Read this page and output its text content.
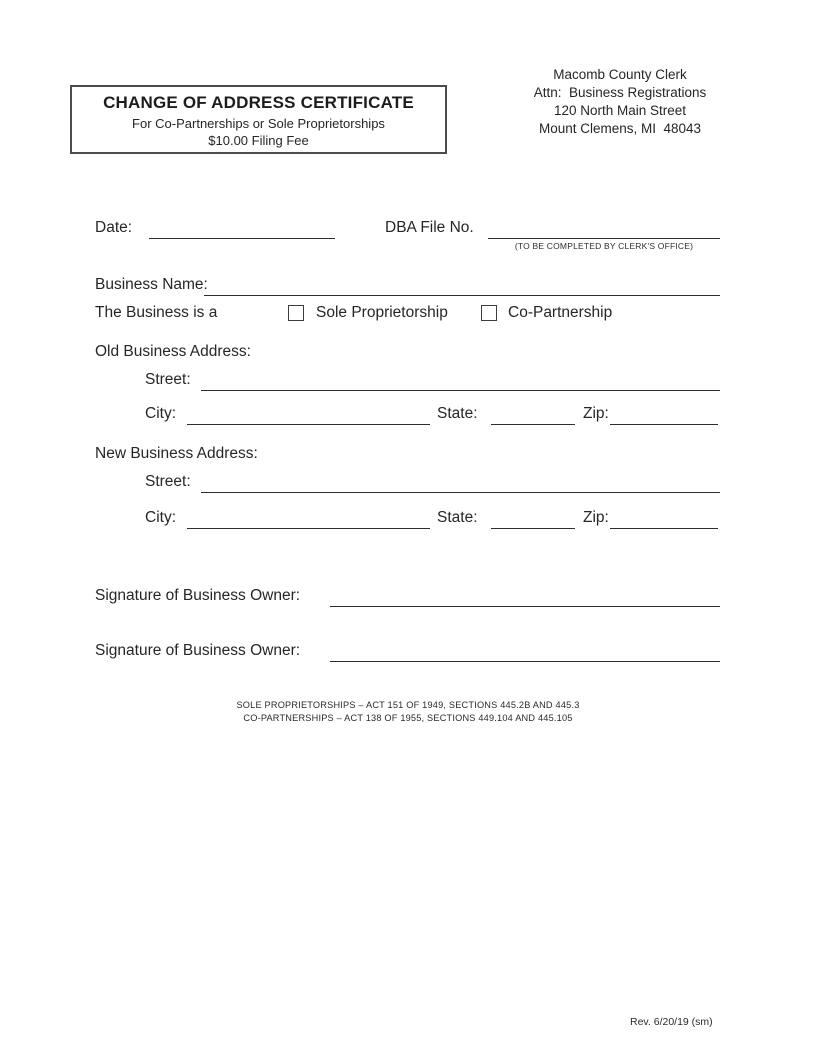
CHANGE OF ADDRESS CERTIFICATE
For Co-Partnerships or Sole Proprietorships
$10.00 Filing Fee
Macomb County Clerk
Attn:  Business Registrations
120 North Main Street
Mount Clemens, MI  48043
Date:	DBA File No.
(TO BE COMPLETED BY CLERK'S OFFICE)
Business Name:
The Business is a	Sole Proprietorship	Co-Partnership
Old Business Address:
Street:
City:	State:	Zip:
New Business Address:
Street:
City:	State:	Zip:
Signature of Business Owner:
Signature of Business Owner:
SOLE PROPRIETORSHIPS – ACT 151 OF 1949, SECTIONS 445.2B AND 445.3
CO-PARTNERSHIPS – ACT 138 OF 1955, SECTIONS 449.104 AND 445.105
Rev. 6/20/19 (sm)
